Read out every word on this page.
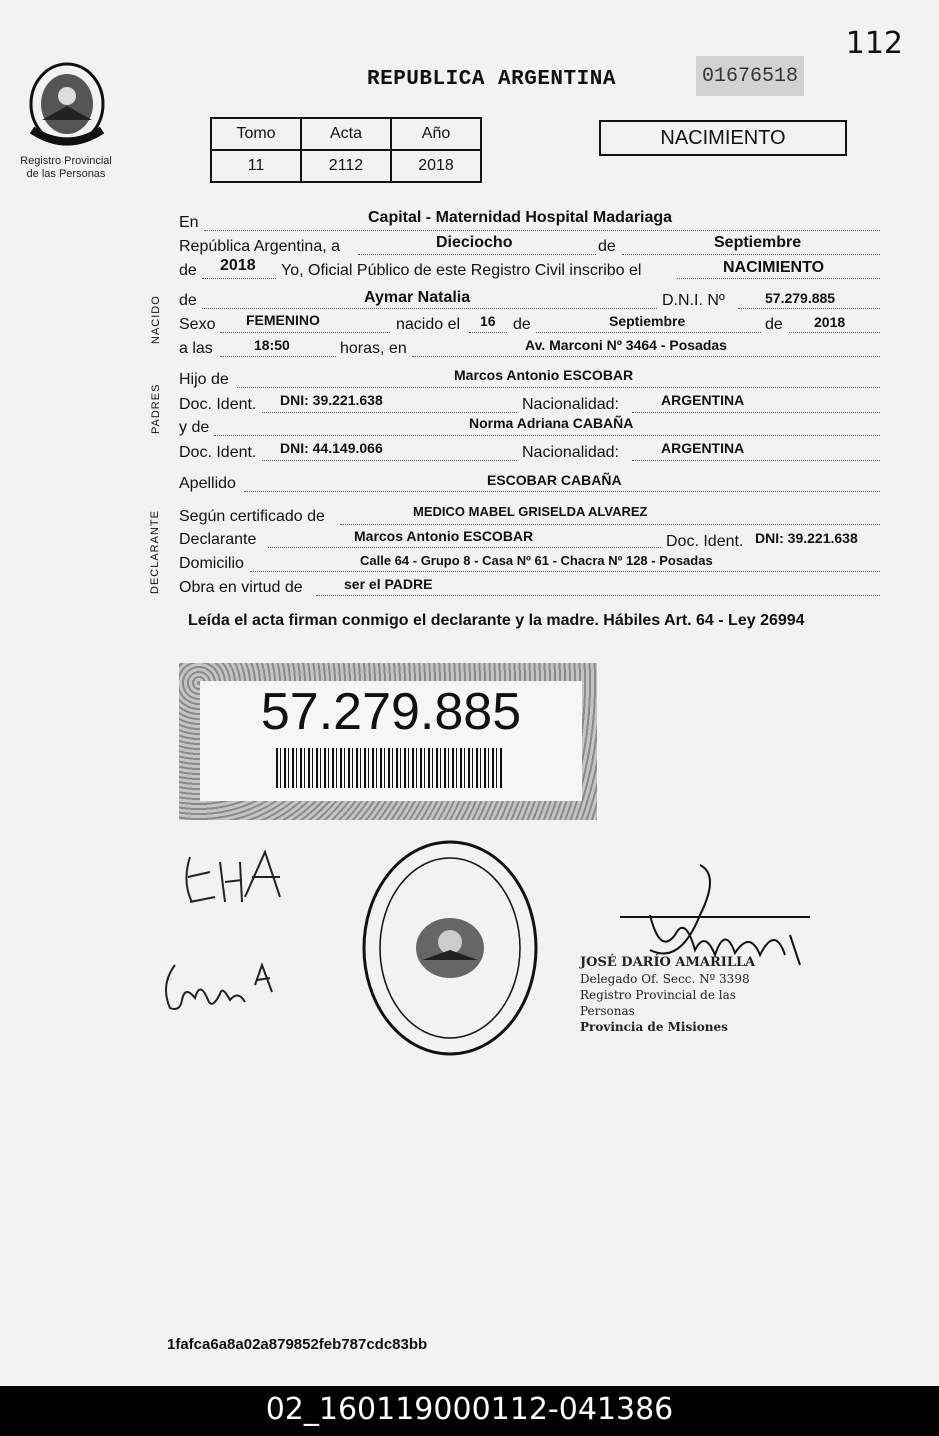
112
Registro Provincial
de las Personas
REPUBLICA ARGENTINA	01676518
Tomo	Acta	Año
11	2112	2018
NACIMIENTO
NACIDO
PADRES
DECLARANTE
En	Capital - Maternidad Hospital Madariaga
República Argentina, a	Dieciocho	de	Septiembre
de 2018 Yo, Oficial Público de este Registro Civil inscribo el	NACIMIENTO
de	Aymar Natalia	D.N.I. Nº	57.279.885
Sexo FEMENINO	nacido el 16 de	Septiembre	de 2018
a las	18:50	horas, en	Av. Marconi Nº 3464 - Posadas
Hijo de	Marcos Antonio ESCOBAR
Doc. Ident. DNI: 39.221.638	Nacionalidad:	ARGENTINA
y de	Norma Adriana CABAÑA
Doc. Ident. DNI: 44.149.066	Nacionalidad:	ARGENTINA
Apellido	ESCOBAR CABAÑA
Según certificado de	MEDICO MABEL GRISELDA ALVAREZ
Declarante	Marcos Antonio ESCOBAR	Doc. Ident. DNI: 39.221.638
Domicilio	Calle 64 - Grupo 8 - Casa Nº 61 - Chacra Nº 128 - Posadas
Obra en virtud de	ser el PADRE
Leída el acta firman conmigo el declarante y la madre. Hábiles Art. 64 - Ley 26994
57.279.885
JOSÉ DARÍO AMARILLA
Delegado Of. Secc. Nº 3398
Registro Provincial de las Personas
Provincia de Misiones
1fafca6a8a02a879852feb787cdc83bb
02_160119000112-041386
